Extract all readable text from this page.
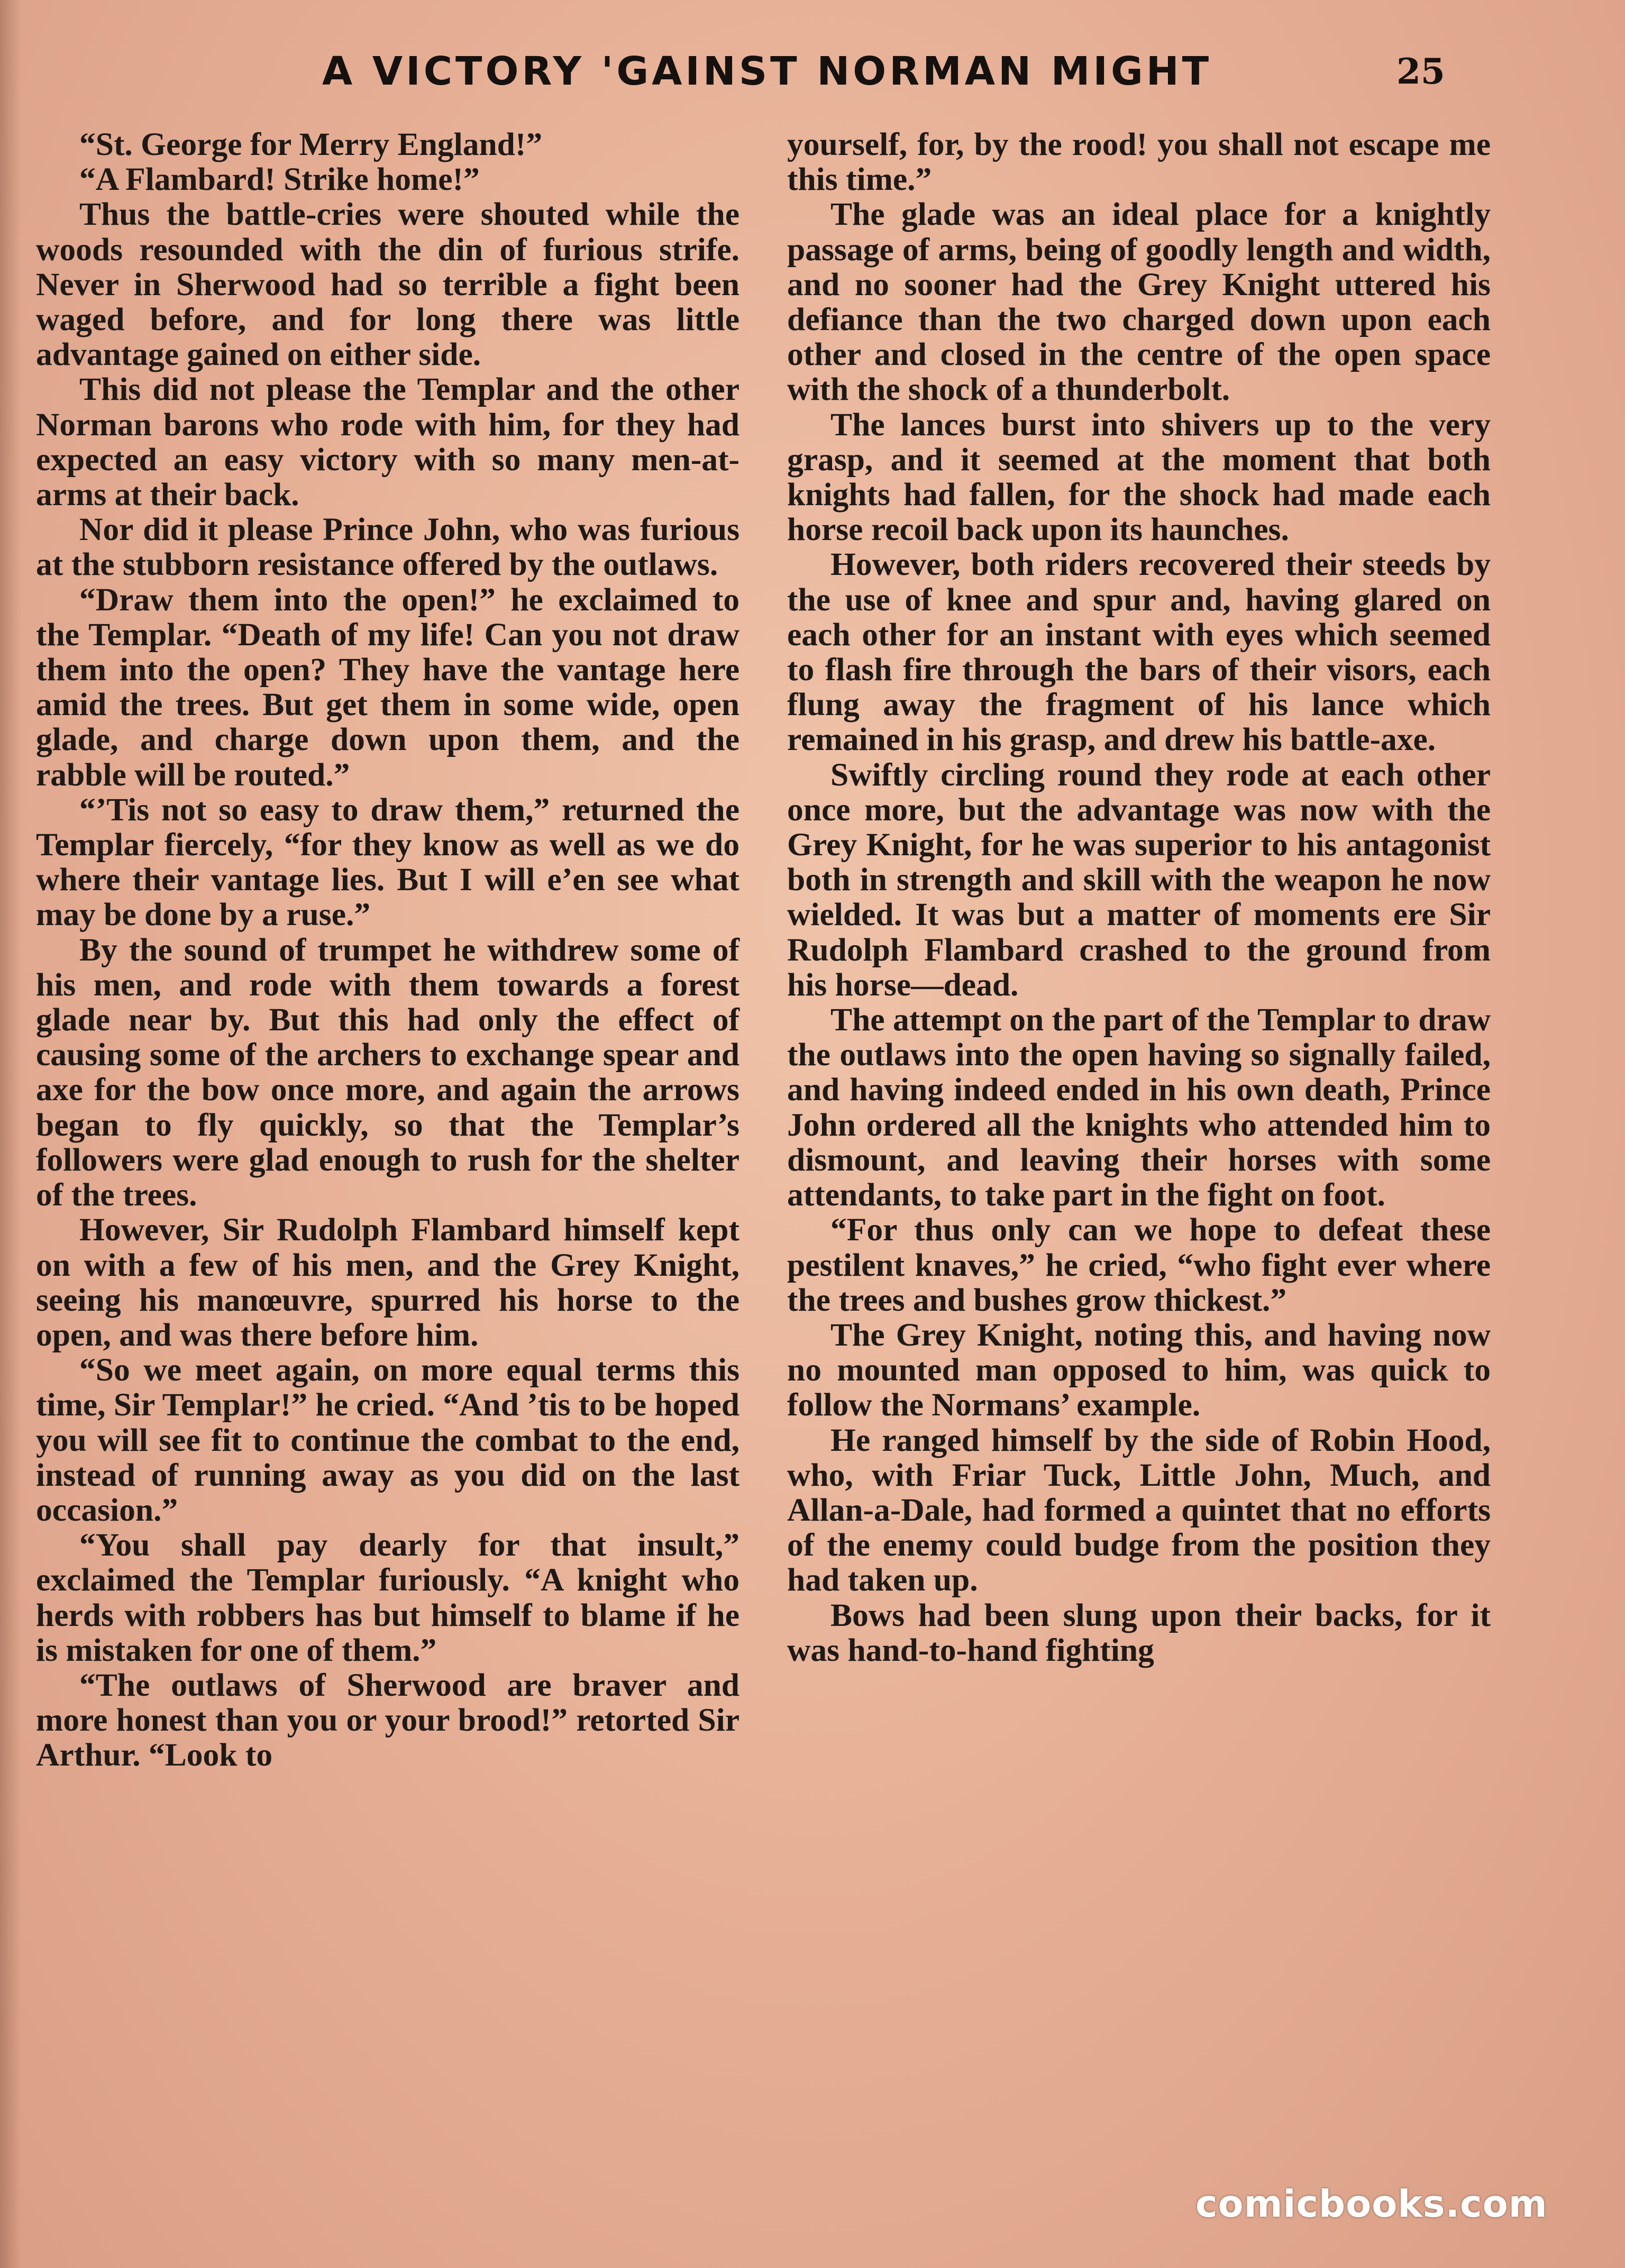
A VICTORY 'GAINST NORMAN MIGHT	25

“St. George for Merry England!”

“A Flambard! Strike home!”

Thus the battle-cries were shouted while the woods resounded with the din of furious strife. Never in Sherwood had so terrible a fight been waged before, and for long there was little advantage gained on either side.

This did not please the Templar and the other Norman barons who rode with him, for they had expected an easy victory with so many men-at-arms at their back.

Nor did it please Prince John, who was furious at the stubborn resistance offered by the outlaws.

“Draw them into the open!” he exclaimed to the Templar. “Death of my life! Can you not draw them into the open? They have the vantage here amid the trees. But get them in some wide, open glade, and charge down upon them, and the rabble will be routed.”

“’Tis not so easy to draw them,” returned the Templar fiercely, “for they know as well as we do where their vantage lies. But I will e’en see what may be done by a ruse.”

By the sound of trumpet he withdrew some of his men, and rode with them towards a forest glade near by. But this had only the effect of causing some of the archers to exchange spear and axe for the bow once more, and again the arrows began to fly quickly, so that the Templar’s followers were glad enough to rush for the shelter of the trees.

However, Sir Rudolph Flambard himself kept on with a few of his men, and the Grey Knight, seeing his manœuvre, spurred his horse to the open, and was there before him.

“So we meet again, on more equal terms this time, Sir Templar!” he cried. “And ’tis to be hoped you will see fit to continue the combat to the end, instead of running away as you did on the last occasion.”

“You shall pay dearly for that insult,” exclaimed the Templar furiously. “A knight who herds with robbers has but himself to blame if he is mistaken for one of them.”

“The outlaws of Sherwood are braver and more honest than you or your brood!” retorted Sir Arthur. “Look to

yourself, for, by the rood! you shall not escape me this time.”

The glade was an ideal place for a knightly passage of arms, being of goodly length and width, and no sooner had the Grey Knight uttered his defiance than the two charged down upon each other and closed in the centre of the open space with the shock of a thunderbolt.

The lances burst into shivers up to the very grasp, and it seemed at the moment that both knights had fallen, for the shock had made each horse recoil back upon its haunches.

However, both riders recovered their steeds by the use of knee and spur and, having glared on each other for an instant with eyes which seemed to flash fire through the bars of their visors, each flung away the fragment of his lance which remained in his grasp, and drew his battle-axe.

Swiftly circling round they rode at each other once more, but the advantage was now with the Grey Knight, for he was superior to his antagonist both in strength and skill with the weapon he now wielded. It was but a matter of moments ere Sir Rudolph Flambard crashed to the ground from his horse—dead.

The attempt on the part of the Templar to draw the outlaws into the open having so signally failed, and having indeed ended in his own death, Prince John ordered all the knights who attended him to dismount, and leaving their horses with some attendants, to take part in the fight on foot.

“For thus only can we hope to defeat these pestilent knaves,” he cried, “who fight ever where the trees and bushes grow thickest.”

The Grey Knight, noting this, and having now no mounted man opposed to him, was quick to follow the Normans’ example.

He ranged himself by the side of Robin Hood, who, with Friar Tuck, Little John, Much, and Allan-a-Dale, had formed a quintet that no efforts of the enemy could budge from the position they had taken up.

Bows had been slung upon their backs, for it was hand-to-hand fighting

comicbooks.com
